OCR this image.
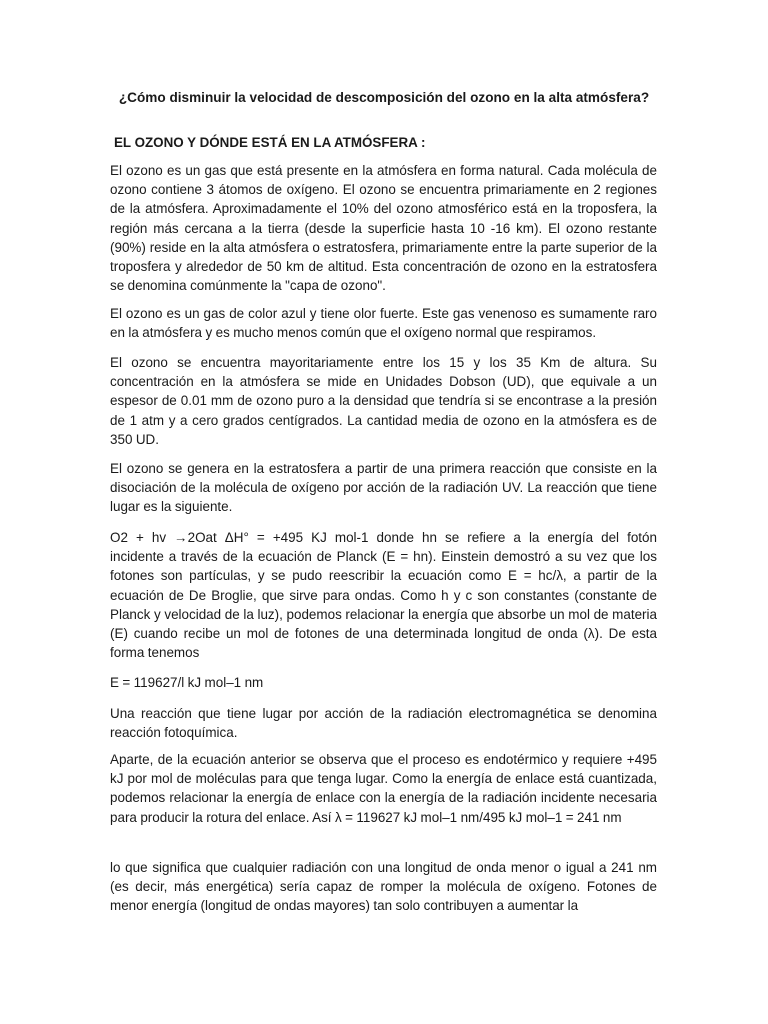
¿Cómo disminuir la velocidad de descomposición del ozono en la alta atmósfera?

EL OZONO Y DÓNDE ESTÁ EN LA ATMÓSFERA :

El ozono es un gas que está presente en la atmósfera en forma natural. Cada molécula de ozono contiene 3 átomos de oxígeno. El ozono se encuentra primariamente en 2 regiones de la atmósfera. Aproximadamente el 10% del ozono atmosférico está en la troposfera, la región más cercana a la tierra (desde la superficie hasta 10 -16 km). El ozono restante (90%) reside en la alta atmósfera o estratosfera, primariamente entre la parte superior de la troposfera y alrededor de 50 km de altitud. Esta concentración de ozono en la estratosfera se denomina comúnmente la "capa de ozono".

El ozono es un gas de color azul y tiene olor fuerte. Este gas venenoso es sumamente raro en la atmósfera y es mucho menos común que el oxígeno normal que respiramos.

El ozono se encuentra mayoritariamente entre los 15 y los 35 Km de altura. Su concentración en la atmósfera se mide en Unidades Dobson (UD), que equivale a un espesor de 0.01 mm de ozono puro a la densidad que tendría si se encontrase a la presión de 1 atm y a cero grados centígrados. La cantidad media de ozono en la atmósfera es de 350 UD.

El ozono se genera en la estratosfera a partir de una primera reacción que consiste en la disociación de la molécula de oxígeno por acción de la radiación UV. La reacción que tiene lugar es la siguiente.

O2 + hv →2Oat ΔH° = +495 KJ mol-1 donde hn se refiere a la energía del fotón
incidente a través de la ecuación de Planck (E = hn). Einstein demostró a su vez que los fotones son partículas, y se pudo reescribir la ecuación como E = hc/λ, a partir de la ecuación de De Broglie, que sirve para ondas. Como h y c son constantes (constante de Planck y velocidad de la luz), podemos relacionar la energía que absorbe un mol de materia (E) cuando recibe un mol de fotones de una determinada longitud de onda (λ). De esta forma tenemos

E = 119627/l kJ mol–1 nm

Una reacción que tiene lugar por acción de la radiación electromagnética se denomina reacción fotoquímica.

Aparte, de la ecuación anterior se observa que el proceso es endotérmico y requiere +495 kJ por mol de moléculas para que tenga lugar. Como la energía de enlace está cuantizada, podemos relacionar la energía de enlace con la energía de la radiación incidente necesaria para producir la rotura del enlace. Así λ = 119627 kJ mol–1 nm/495 kJ mol–1 = 241 nm

lo que significa que cualquier radiación con una longitud de onda menor o igual a 241 nm (es decir, más energética) sería capaz de romper la molécula de oxígeno. Fotones de menor energía (longitud de ondas mayores) tan solo contribuyen a aumentar la
